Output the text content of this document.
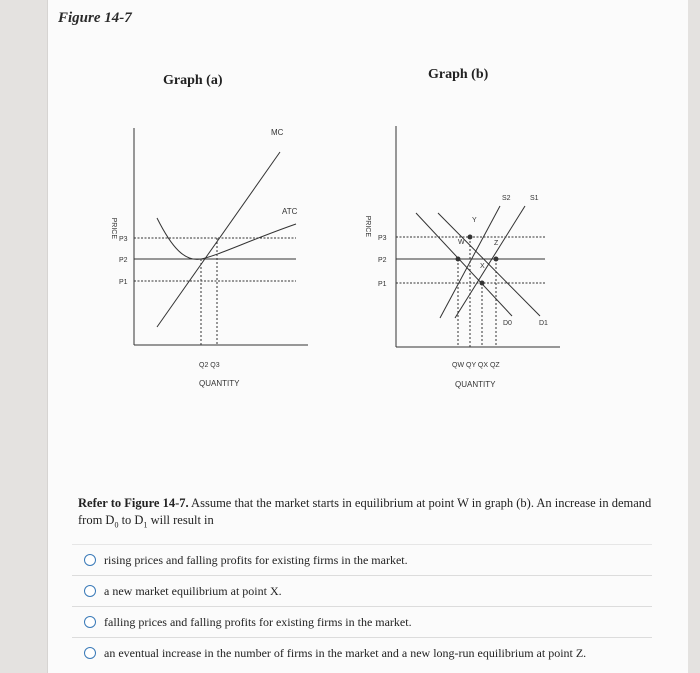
Figure 14-7
Graph (a)	Graph (b)
MC
ATC
PRICE
P3
P2
P1
Q2 Q3
QUANTITY
W
Y
Z
X
S2	S1
D0	D1
PRICE
P3
P2
P1
QW QY QX QZ
QUANTITY
Refer to Figure 14-7. Assume that the market starts in equilibrium at point W in graph (b). An increase in demand from $D_0$ to $D_1$ will result in
rising prices and falling profits for existing firms in the market.
a new market equilibrium at point X.
falling prices and falling profits for existing firms in the market.
an eventual increase in the number of firms in the market and a new long-run equilibrium at point Z.
